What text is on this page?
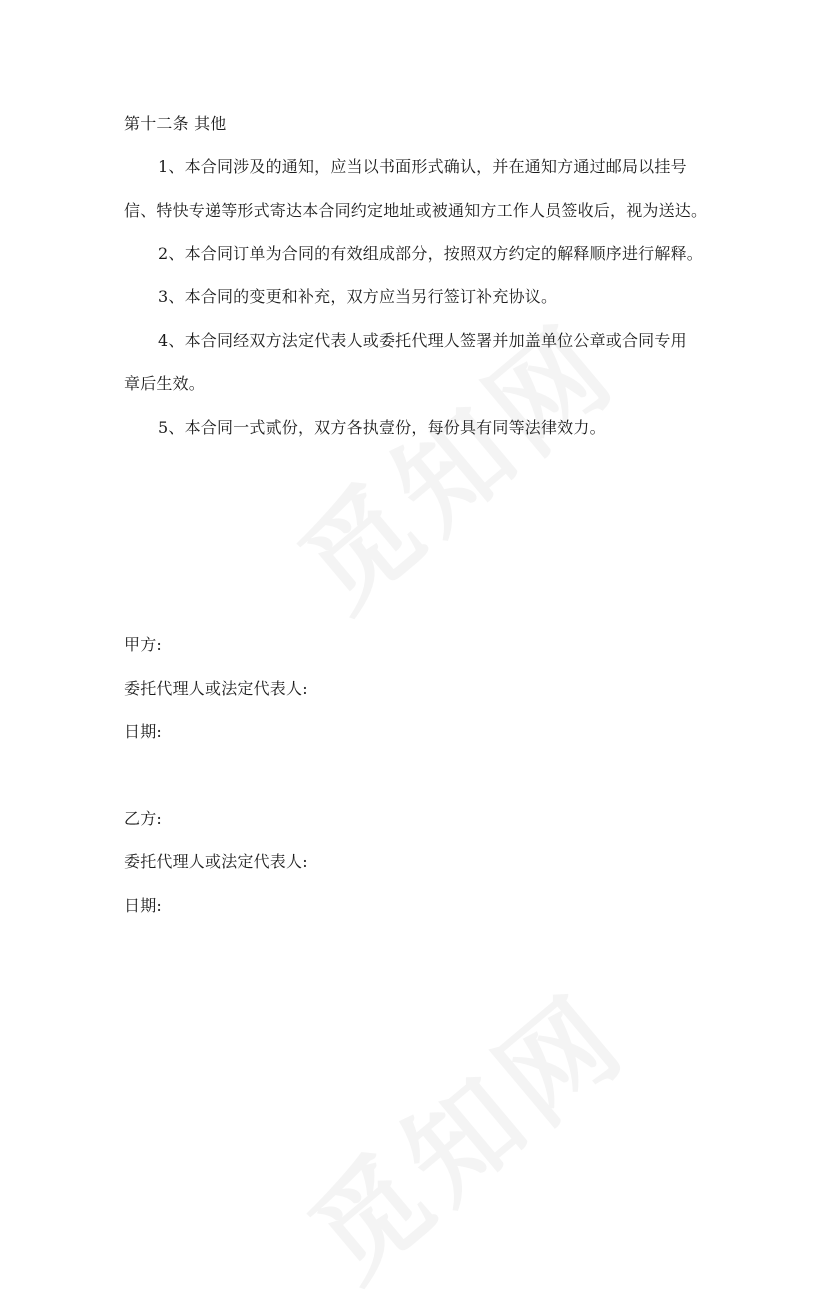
第十二条 其他
1、本合同涉及的通知，应当以书面形式确认，并在通知方通过邮局以挂号
信、特快专递等形式寄达本合同约定地址或被通知方工作人员签收后，视为送达。
2、本合同订单为合同的有效组成部分，按照双方约定的解释顺序进行解释。
3、本合同的变更和补充，双方应当另行签订补充协议。
4、本合同经双方法定代表人或委托代理人签署并加盖单位公章或合同专用
章后生效。
5、本合同一式贰份，双方各执壹份，每份具有同等法律效力。
甲方:
委托代理人或法定代表人:
日期:
乙方:
委托代理人或法定代表人:
日期:
